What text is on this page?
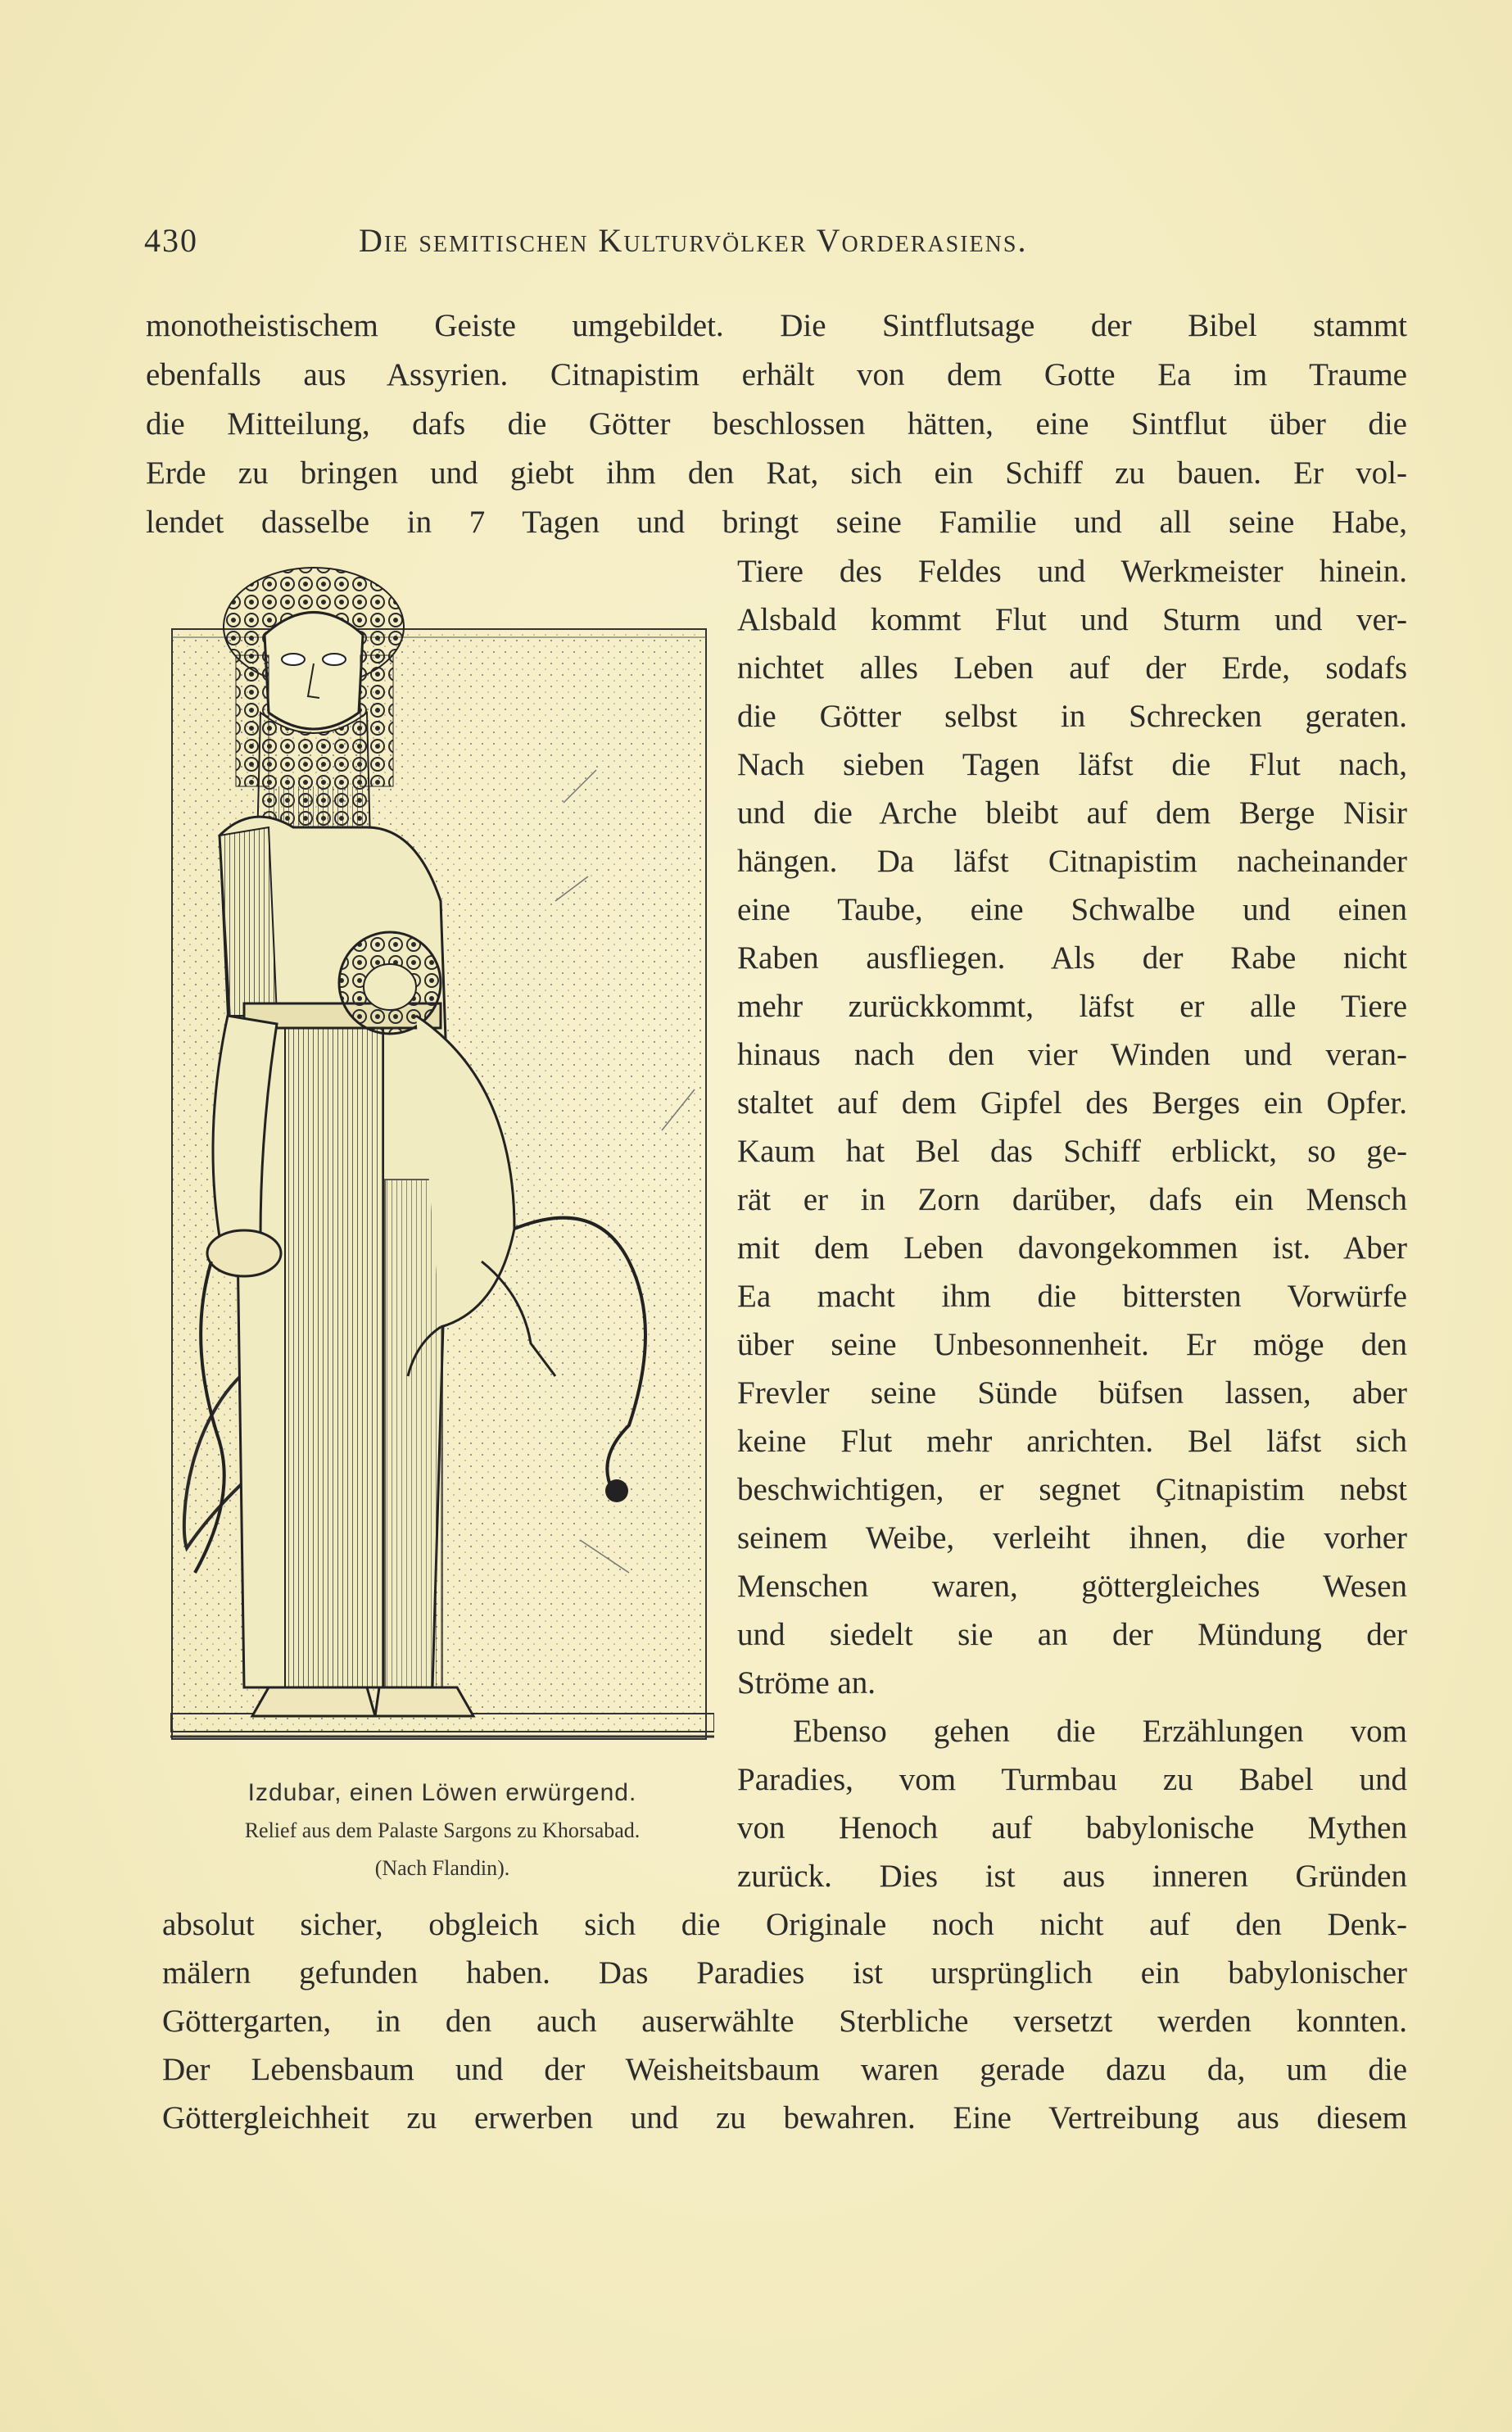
430	Die semitischen Kulturvölker Vorderasiens.
monotheistischem Geiste umgebildet. Die Sintflutsage der Bibel stammt
ebenfalls aus Assyrien. Citnapistim erhält von dem Gotte Ea im Traume
die Mitteilung, dafs die Götter beschlossen hätten, eine Sintflut über die
Erde zu bringen und giebt ihm den Rat, sich ein Schiff zu bauen. Er vol-
lendet dasselbe in 7 Tagen und bringt seine Familie und all seine Habe,
Tiere des Feldes und Werkmeister hinein.
Alsbald kommt Flut und Sturm und ver-
nichtet alles Leben auf der Erde, sodafs
die Götter selbst in Schrecken geraten.
Nach sieben Tagen läfst die Flut nach,
und die Arche bleibt auf dem Berge Nisir
hängen. Da läfst Citnapistim nacheinander
eine Taube, eine Schwalbe und einen
Raben ausfliegen. Als der Rabe nicht
mehr zurückkommt, läfst er alle Tiere
hinaus nach den vier Winden und veran-
staltet auf dem Gipfel des Berges ein Opfer.
Kaum hat Bel das Schiff erblickt, so ge-
rät er in Zorn darüber, dafs ein Mensch
mit dem Leben davongekommen ist. Aber
Ea macht ihm die bittersten Vorwürfe
über seine Unbesonnenheit. Er möge den
Frevler seine Sünde büfsen lassen, aber
keine Flut mehr anrichten. Bel läfst sich
beschwichtigen, er segnet Çitnapistim nebst
seinem Weibe, verleiht ihnen, die vorher
Menschen waren, göttergleiches Wesen
und siedelt sie an der Mündung der
Ströme an.
Ebenso gehen die Erzählungen vom
Paradies, vom Turmbau zu Babel und
von Henoch auf babylonische Mythen
zurück. Dies ist aus inneren Gründen
absolut sicher, obgleich sich die Originale noch nicht auf den Denk-
mälern gefunden haben. Das Paradies ist ursprünglich ein babylonischer
Göttergarten, in den auch auserwählte Sterbliche versetzt werden konnten.
Der Lebensbaum und der Weisheitsbaum waren gerade dazu da, um die
Göttergleichheit zu erwerben und zu bewahren. Eine Vertreibung aus diesem
Izdubar, einen Löwen erwürgend.
Relief aus dem Palaste Sargons zu Khorsabad.
(Nach Flandin).
